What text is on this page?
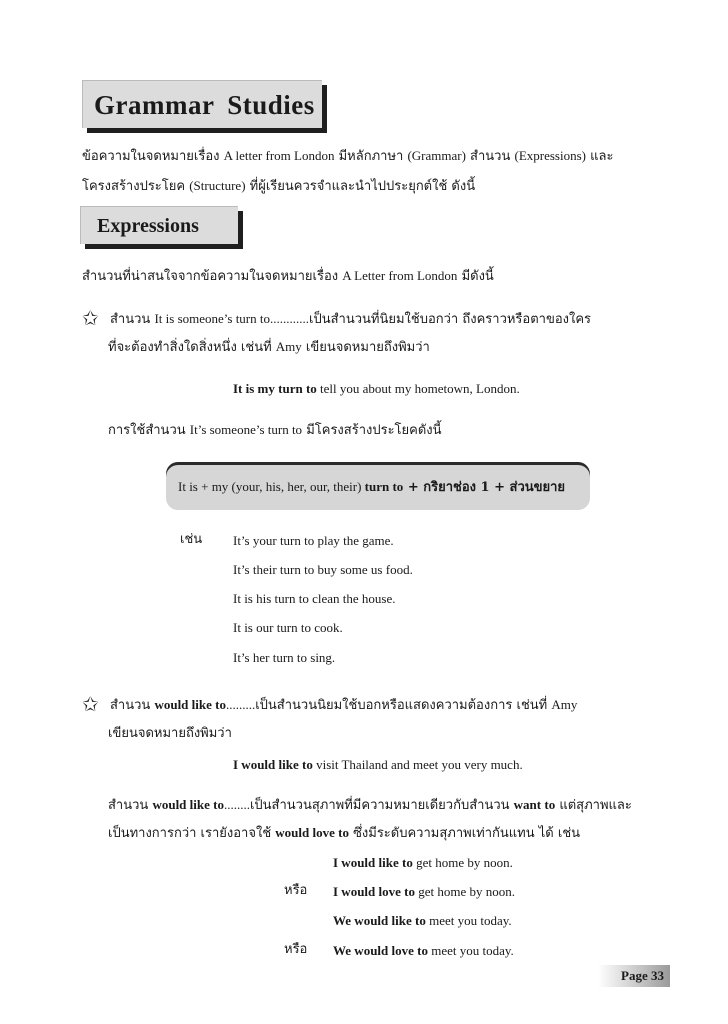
Grammar Studies
ข้อความในจดหมายเรื่อง A letter from London มีหลักภาษา (Grammar) สำนวน (Expressions) และ
โครงสร้างประโยค (Structure) ที่ผู้เรียนควรจำและนำไปประยุกต์ใช้ ดังนี้
Expressions
สำนวนที่น่าสนใจจากข้อความในจดหมายเรื่อง A Letter from London มีดังนี้
✩ สำนวน It is someone’s turn to............เป็นสำนวนที่นิยมใช้บอกว่า ถึงคราวหรือตาของใคร
ที่จะต้องทำสิ่งใดสิ่งหนึ่ง เช่นที่ Amy เขียนจดหมายถึงพิมว่า
It is my turn to tell you about my hometown, London.
การใช้สำนวน It’s someone’s turn to มีโครงสร้างประโยคดังนี้
It is + my (your, his, her, our, their) turn to + กริยาช่อง 1 + ส่วนขยาย
เช่น It’s your turn to play the game.
It’s their turn to buy some us food.
It is his turn to clean the house.
It is our turn to cook.
It’s her turn to sing.
✩ สำนวน would like to.........เป็นสำนวนนิยมใช้บอกหรือแสดงความต้องการ เช่นที่ Amy
เขียนจดหมายถึงพิมว่า
I would like to visit Thailand and meet you very much.
สำนวน would like to........เป็นสำนวนสุภาพที่มีความหมายเดียวกับสำนวน want to แต่สุภาพและ
เป็นทางการกว่า เรายังอาจใช้ would love to ซึ่งมีระดับความสุภาพเท่ากันแทน ได้ เช่น
I would like to get home by noon.
หรือ I would love to get home by noon.
We would like to meet you today.
หรือ We would love to meet you today.
Page 33
